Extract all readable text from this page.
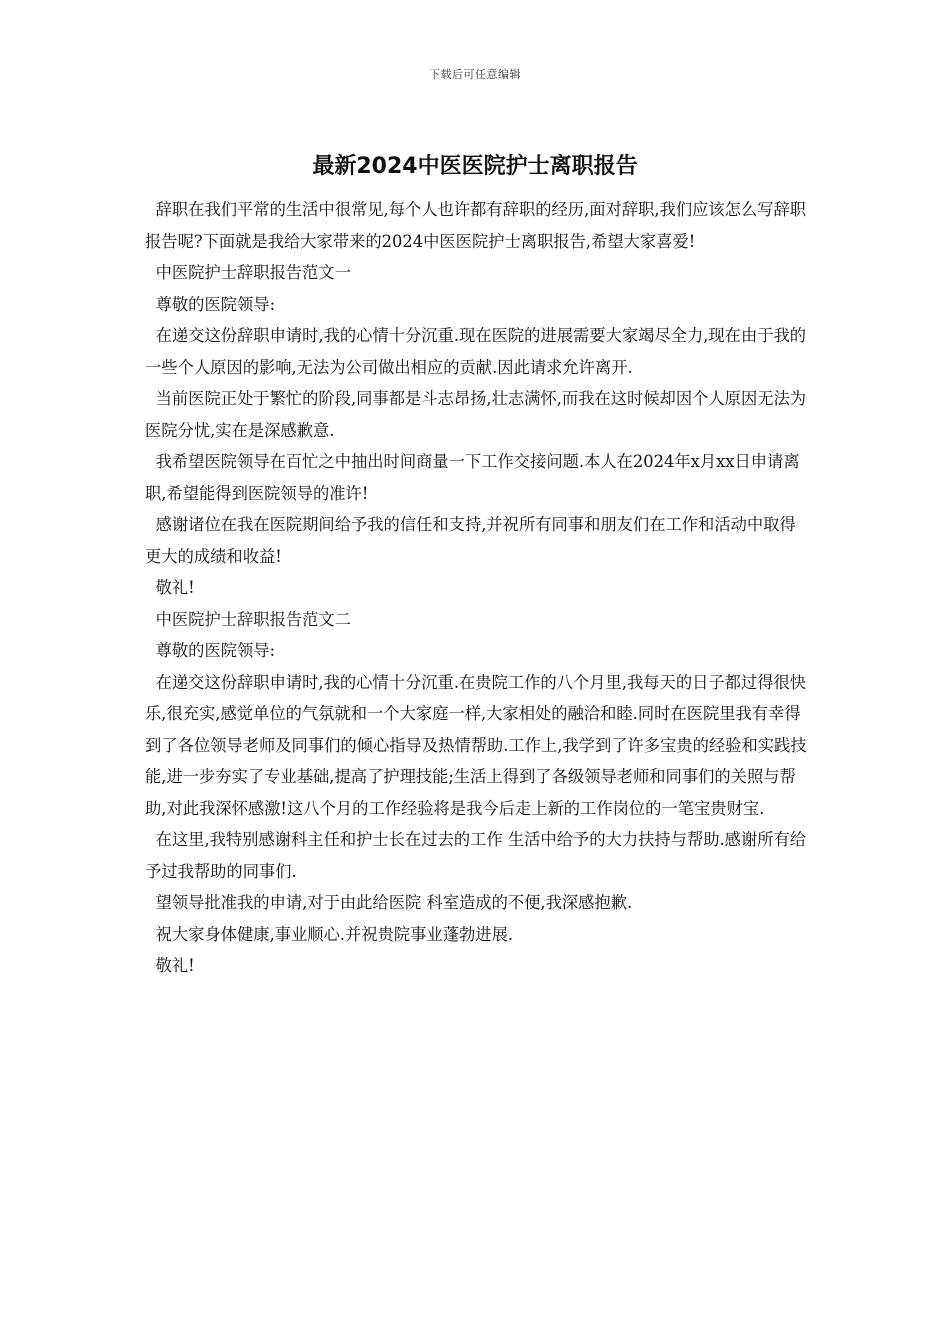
下载后可任意编辑
最新2024中医医院护士离职报告

辞职在我们平常的生活中很常见,每个人也许都有辞职的经历,面对辞职,我们应该怎么写辞职报告呢?下面就是我给大家带来的2024中医医院护士离职报告,希望大家喜爱!

中医院护士辞职报告范文一

尊敬的医院领导:

在递交这份辞职申请时,我的心情十分沉重.现在医院的进展需要大家竭尽全力,现在由于我的一些个人原因的影响,无法为公司做出相应的贡献.因此请求允许离开.

当前医院正处于繁忙的阶段,同事都是斗志昂扬,壮志满怀,而我在这时候却因个人原因无法为医院分忧,实在是深感歉意.

我希望医院领导在百忙之中抽出时间商量一下工作交接问题.本人在2024年x月xx日申请离职,希望能得到医院领导的准许!

感谢诸位在我在医院期间给予我的信任和支持,并祝所有同事和朋友们在工作和活动中取得更大的成绩和收益!

敬礼!

中医院护士辞职报告范文二

尊敬的医院领导:

在递交这份辞职申请时,我的心情十分沉重.在贵院工作的八个月里,我每天的日子都过得很快乐,很充实,感觉单位的气氛就和一个大家庭一样,大家相处的融洽和睦.同时在医院里我有幸得到了各位领导老师及同事们的倾心指导及热情帮助.工作上,我学到了许多宝贵的经验和实践技能,进一步夯实了专业基础,提高了护理技能;生活上得到了各级领导老师和同事们的关照与帮助,对此我深怀感激!这八个月的工作经验将是我今后走上新的工作岗位的一笔宝贵财宝.

在这里,我特别感谢科主任和护士长在过去的工作 生活中给予的大力扶持与帮助.感谢所有给予过我帮助的同事们.

望领导批准我的申请,对于由此给医院 科室造成的不便,我深感抱歉.

祝大家身体健康,事业顺心.并祝贵院事业蓬勃进展.

敬礼!
